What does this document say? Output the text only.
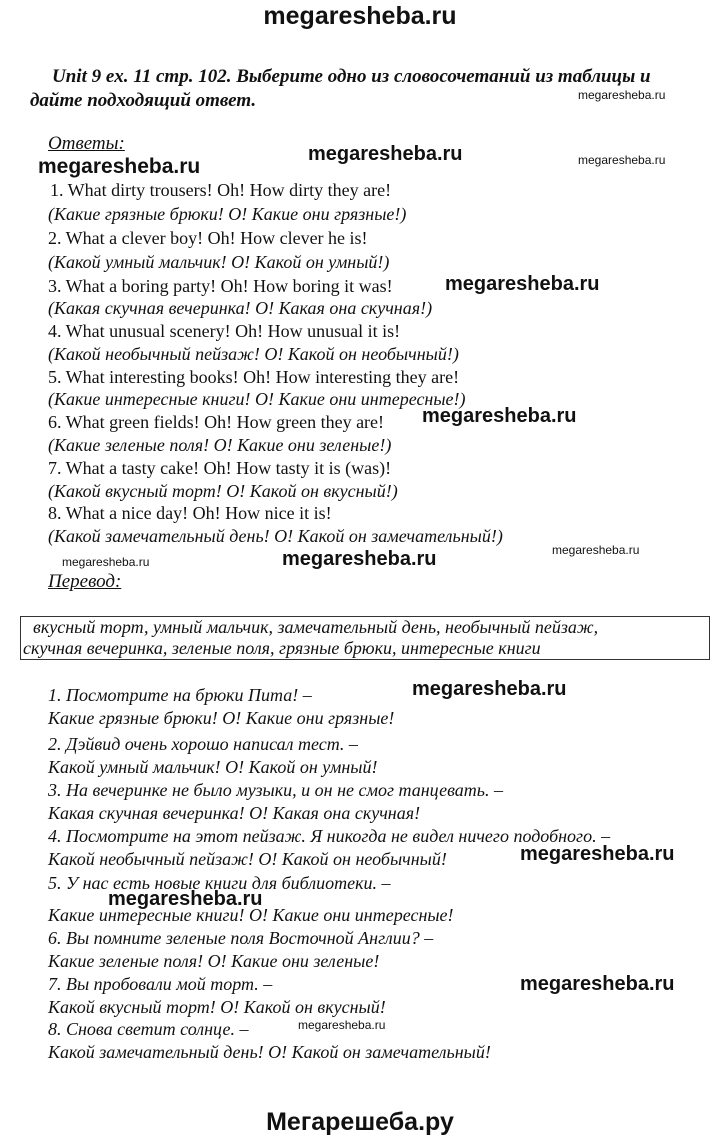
megaresheba.ru
Unit 9 ex. 11 стр. 102. Выберите одно из словосочетаний из таблицы и
дайте подходящий ответ.
Ответы:
1. What dirty trousers! Oh! How dirty they are!
(Какие грязные брюки! О! Какие они грязные!)
2. What a clever boy! Oh! How clever he is!
(Какой умный мальчик! О! Какой он умный!)
3. What a boring party! Oh! How boring it was!
(Какая скучная вечеринка! О! Какая она скучная!)
4. What unusual scenery! Oh! How unusual it is!
(Какой необычный пейзаж! О! Какой он необычный!)
5. What interesting books! Oh! How interesting they are!
(Какие интересные книги! О! Какие они интересные!)
6. What green fields! Oh! How green they are!
(Какие зеленые поля! О! Какие они зеленые!)
7. What a tasty cake! Oh! How tasty it is (was)!
(Какой вкусный торт! О! Какой он вкусный!)
8. What a nice day! Oh! How nice it is!
(Какой замечательный день! О! Какой он замечательный!)
Перевод:
вкусный торт, умный мальчик, замечательный день, необычный пейзаж,
скучная вечеринка, зеленые поля, грязные брюки, интересные книги
1. Посмотрите на брюки Пита! –
Какие грязные брюки! О! Какие они грязные!
2. Дэйвид очень хорошо написал тест. –
Какой умный мальчик! О! Какой он умный!
3. На вечеринке не было музыки, и он не смог танцевать. –
Какая скучная вечеринка! О! Какая она скучная!
4. Посмотрите на этот пейзаж. Я никогда не видел ничего подобного. –
Какой необычный пейзаж! О! Какой он необычный!
5. У нас есть новые книги для библиотеки. –
Какие интересные книги! О! Какие они интересные!
6. Вы помните зеленые поля Восточной Англии? –
Какие зеленые поля! О! Какие они зеленые!
7. Вы пробовали мой торт. –
Какой вкусный торт! О! Какой он вкусный!
8. Снова светит солнце. –
Какой замечательный день! О! Какой он замечательный!
megaresheba.ru
megaresheba.ru
megaresheba.ru	megaresheba.ru
megaresheba.ru
megaresheba.ru
megaresheba.ru	megaresheba.ru	megaresheba.ru
megaresheba.ru
megaresheba.ru
megaresheba.ru
megaresheba.ru
megaresheba.ru
Мегарешеба.ру
